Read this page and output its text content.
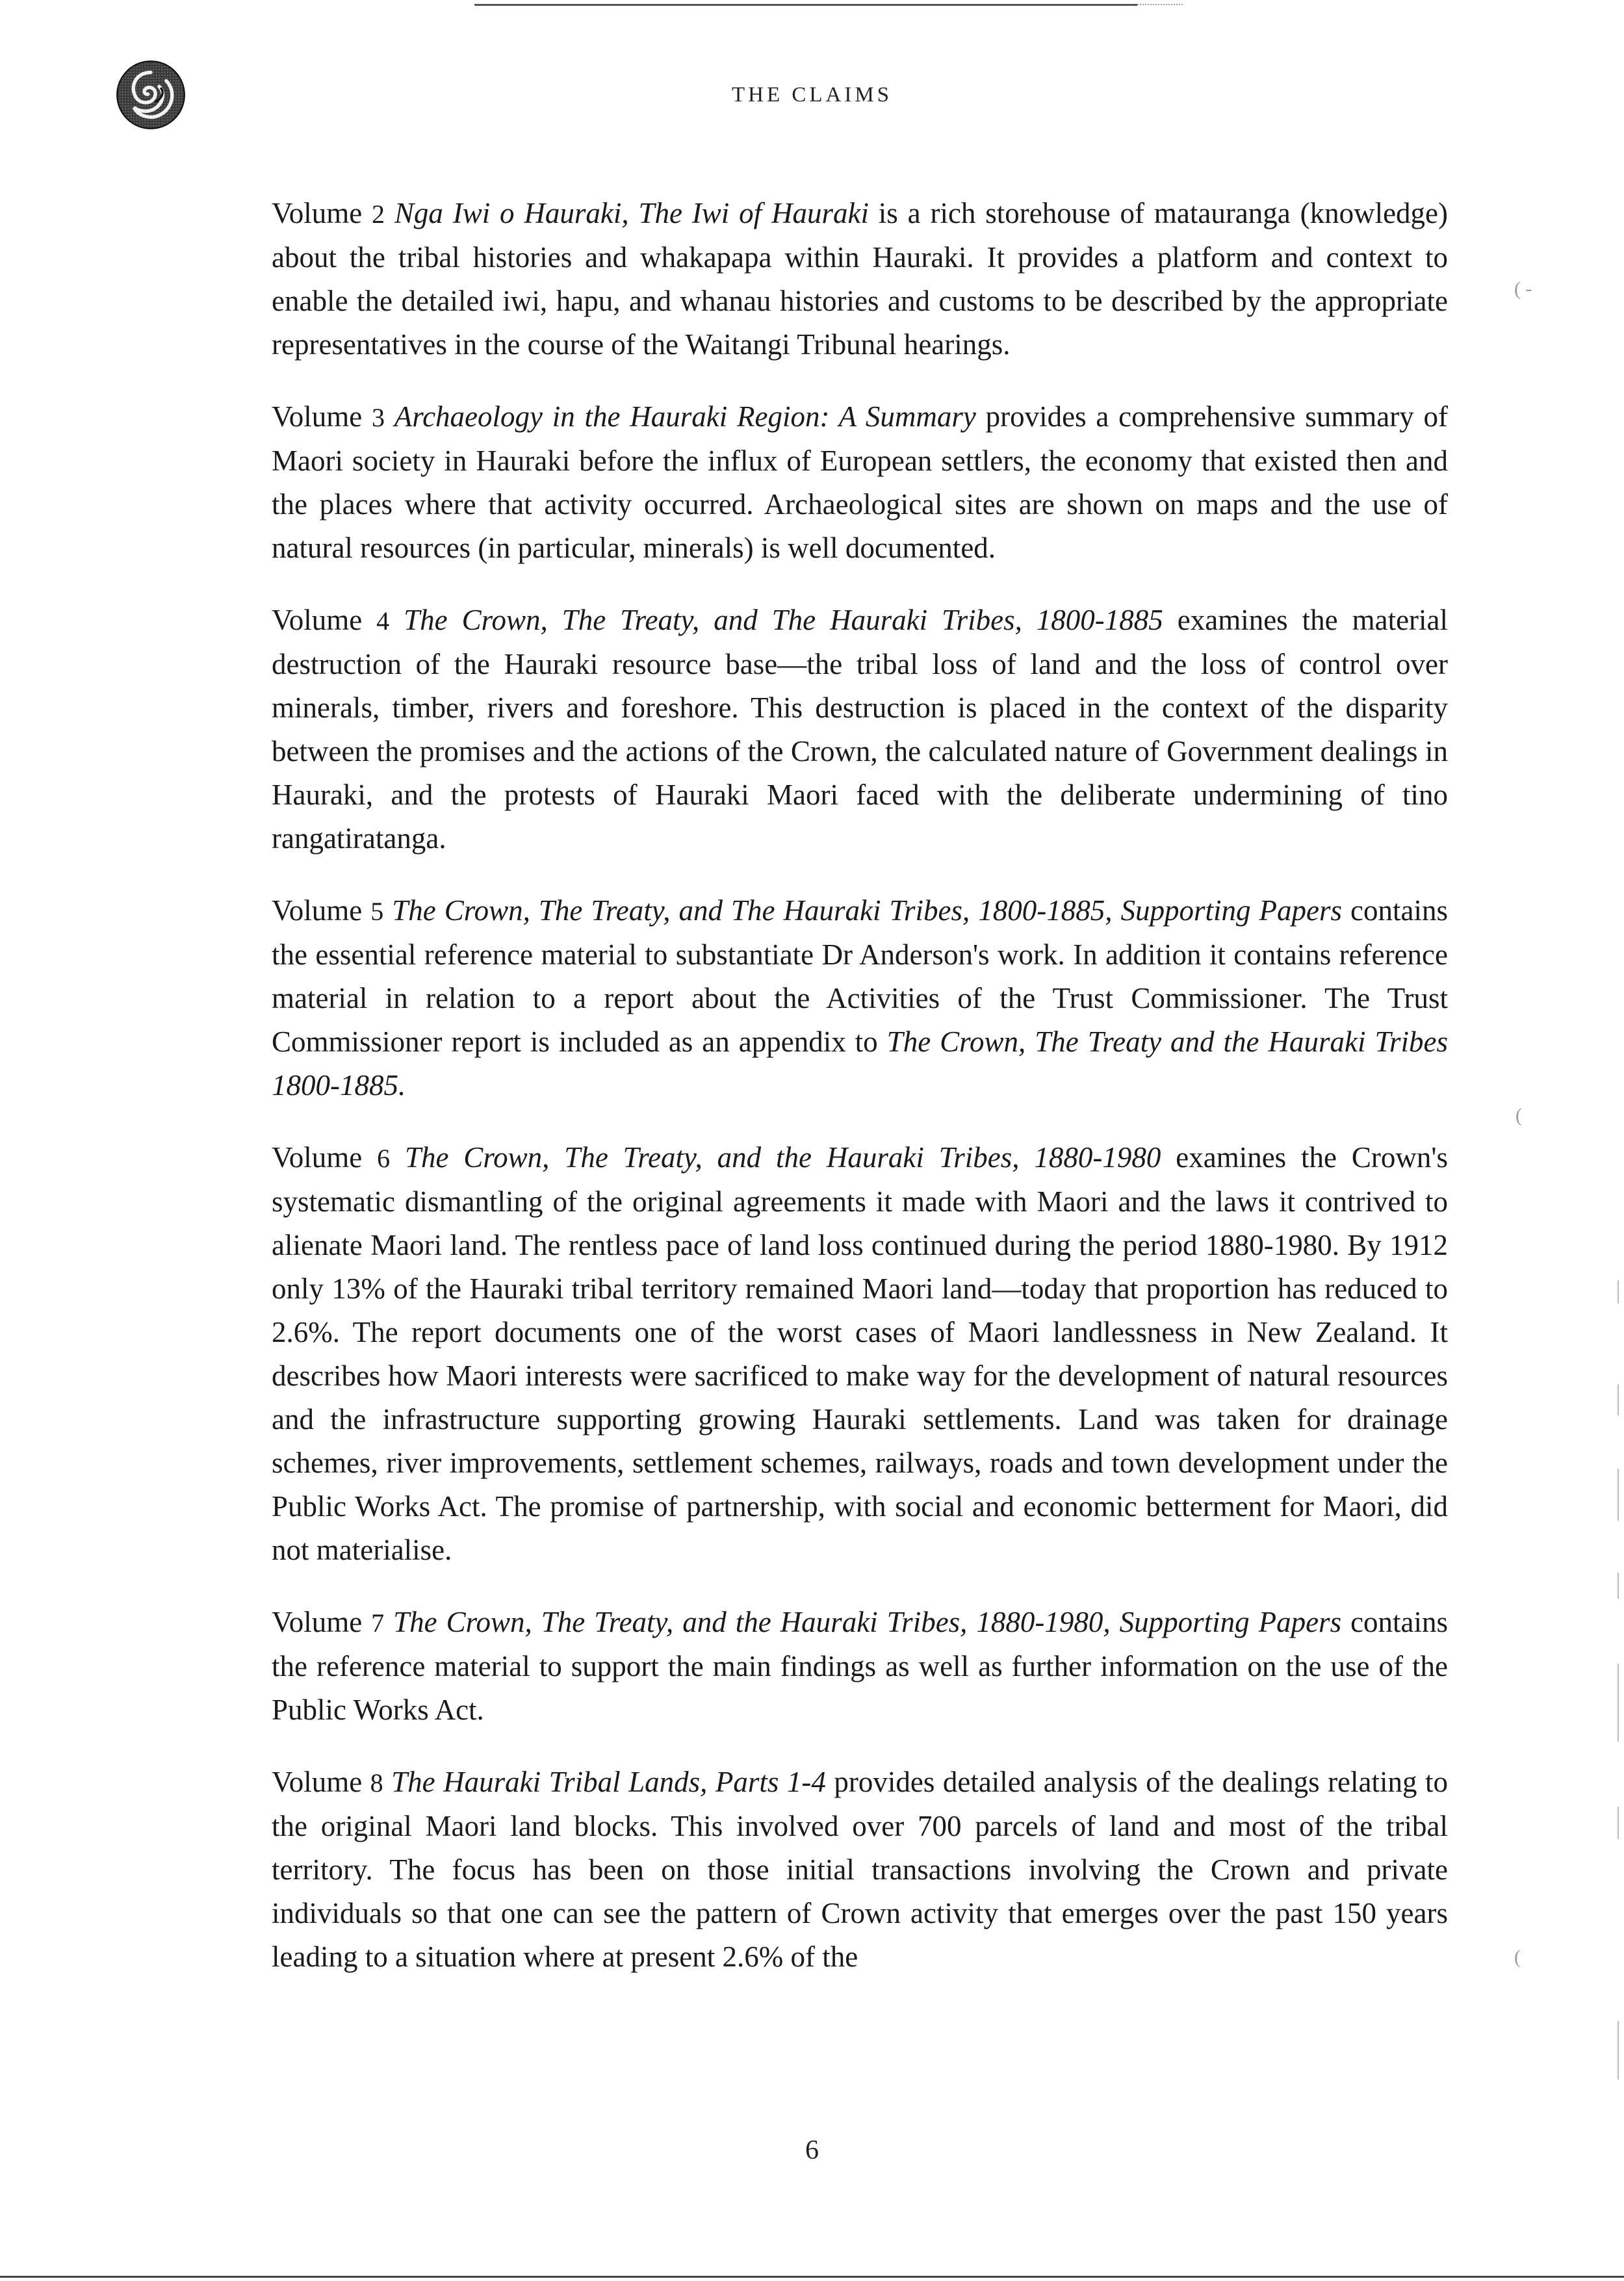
THE CLAIMS

Volume 2 Nga Iwi o Hauraki, The Iwi of Hauraki is a rich storehouse of matauranga (knowledge) about the tribal histories and whakapapa within Hauraki. It provides a platform and context to enable the detailed iwi, hapu, and whanau histories and customs to be described by the appropriate representatives in the course of the Waitangi Tribunal hearings.

Volume 3 Archaeology in the Hauraki Region: A Summary provides a comprehensive summary of Maori society in Hauraki before the influx of European settlers, the economy that existed then and the places where that activity occurred. Archaeological sites are shown on maps and the use of natural resources (in particular, minerals) is well documented.

Volume 4 The Crown, The Treaty, and The Hauraki Tribes, 1800-1885 examines the material destruction of the Hauraki resource base—the tribal loss of land and the loss of control over minerals, timber, rivers and foreshore. This destruction is placed in the context of the disparity between the promises and the actions of the Crown, the calculated nature of Government dealings in Hauraki, and the protests of Hauraki Maori faced with the deliberate undermining of tino rangatiratanga.

Volume 5 The Crown, The Treaty, and The Hauraki Tribes, 1800-1885, Supporting Papers contains the essential reference material to substantiate Dr Anderson's work. In addition it contains reference material in relation to a report about the Activities of the Trust Commissioner. The Trust Commissioner report is included as an appendix to The Crown, The Treaty and the Hauraki Tribes 1800-1885.

Volume 6 The Crown, The Treaty, and the Hauraki Tribes, 1880-1980 examines the Crown's systematic dismantling of the original agreements it made with Maori and the laws it contrived to alienate Maori land. The rentless pace of land loss continued during the period 1880-1980. By 1912 only 13% of the Hauraki tribal territory remained Maori land—today that proportion has reduced to 2.6%. The report documents one of the worst cases of Maori landlessness in New Zealand. It describes how Maori interests were sacrificed to make way for the development of natural resources and the infrastructure supporting growing Hauraki settlements. Land was taken for drainage schemes, river improvements, settlement schemes, railways, roads and town development under the Public Works Act. The promise of partnership, with social and economic betterment for Maori, did not materialise.

Volume 7 The Crown, The Treaty, and the Hauraki Tribes, 1880-1980, Supporting Papers contains the reference material to support the main findings as well as further information on the use of the Public Works Act.

Volume 8 The Hauraki Tribal Lands, Parts 1-4 provides detailed analysis of the dealings relating to the original Maori land blocks. This involved over 700 parcels of land and most of the tribal territory. The focus has been on those initial transactions involving the Crown and private individuals so that one can see the pattern of Crown activity that emerges over the past 150 years leading to a situation where at present 2.6% of the

( -
(
(
6
